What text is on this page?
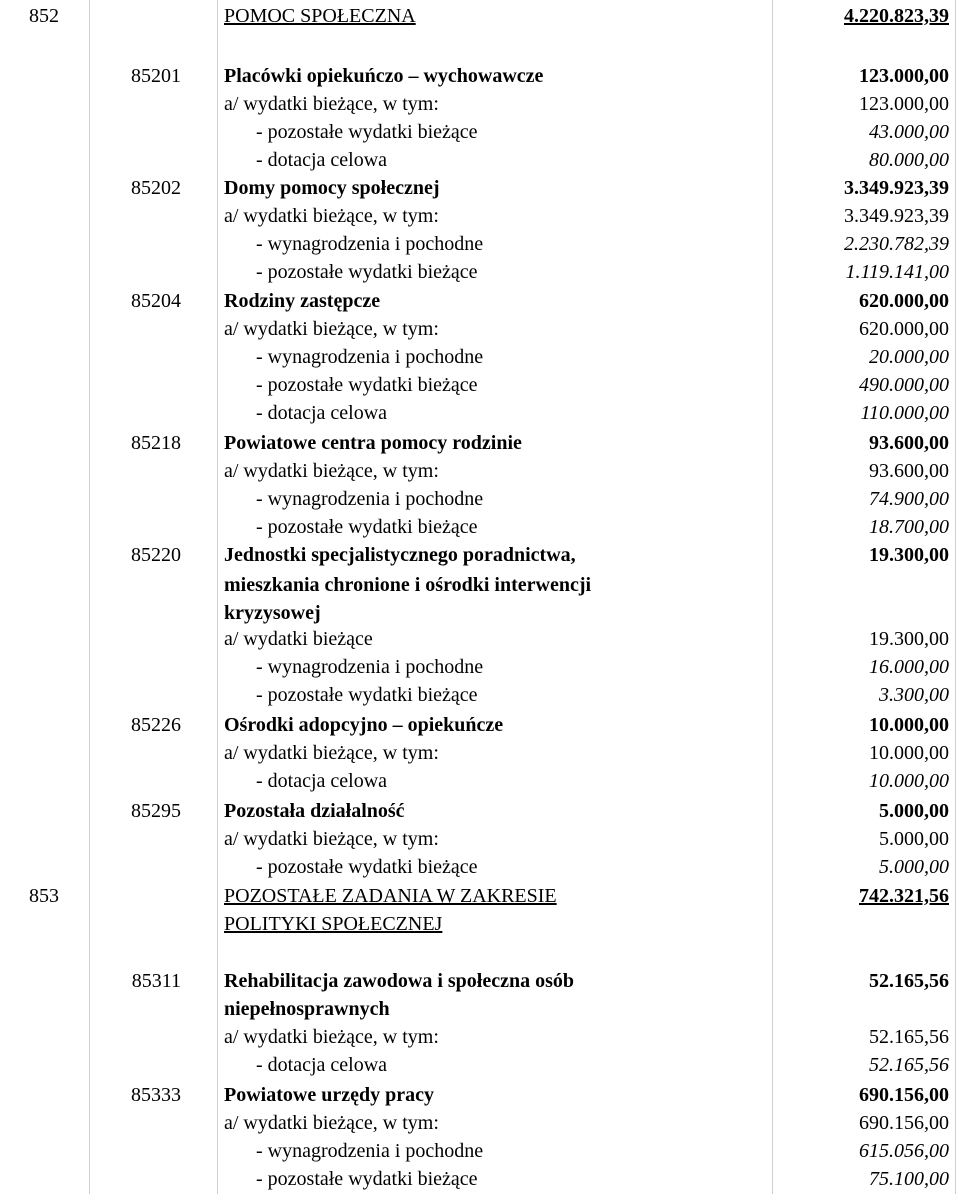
852	POMOC SPOŁECZNA	4.220.823,39
85201	Placówki opiekuńczo – wychowawcze	123.000,00
a/ wydatki bieżące, w tym:	123.000,00
- pozostałe wydatki bieżące	43.000,00
- dotacja celowa	80.000,00
85202	Domy pomocy społecznej	3.349.923,39
a/ wydatki bieżące, w tym:	3.349.923,39
- wynagrodzenia i pochodne	2.230.782,39
- pozostałe wydatki bieżące	1.119.141,00
85204	Rodziny zastępcze	620.000,00
a/ wydatki bieżące, w tym:	620.000,00
- wynagrodzenia i pochodne	20.000,00
- pozostałe wydatki bieżące	490.000,00
- dotacja celowa	110.000,00
85218	Powiatowe centra pomocy rodzinie	93.600,00
a/ wydatki bieżące, w tym:	93.600,00
- wynagrodzenia i pochodne	74.900,00
- pozostałe wydatki bieżące	18.700,00
85220	Jednostki specjalistycznego poradnictwa,	19.300,00
mieszkania chronione i ośrodki interwencji
kryzysowej
a/ wydatki bieżące	19.300,00
- wynagrodzenia i pochodne	16.000,00
- pozostałe wydatki bieżące	3.300,00
85226	Ośrodki adopcyjno – opiekuńcze	10.000,00
a/ wydatki bieżące, w tym:	10.000,00
- dotacja celowa	10.000,00
85295	Pozostała działalność	5.000,00
a/ wydatki bieżące, w tym:	5.000,00
- pozostałe wydatki bieżące	5.000,00
853	POZOSTAŁE ZADANIA W ZAKRESIE	742.321,56
POLITYKI SPOŁECZNEJ
85311	Rehabilitacja zawodowa i społeczna osób	52.165,56
niepełnosprawnych
a/ wydatki bieżące, w tym:	52.165,56
- dotacja celowa	52.165,56
85333	Powiatowe urzędy pracy	690.156,00
a/ wydatki bieżące, w tym:	690.156,00
- wynagrodzenia i pochodne	615.056,00
- pozostałe wydatki bieżące	75.100,00
